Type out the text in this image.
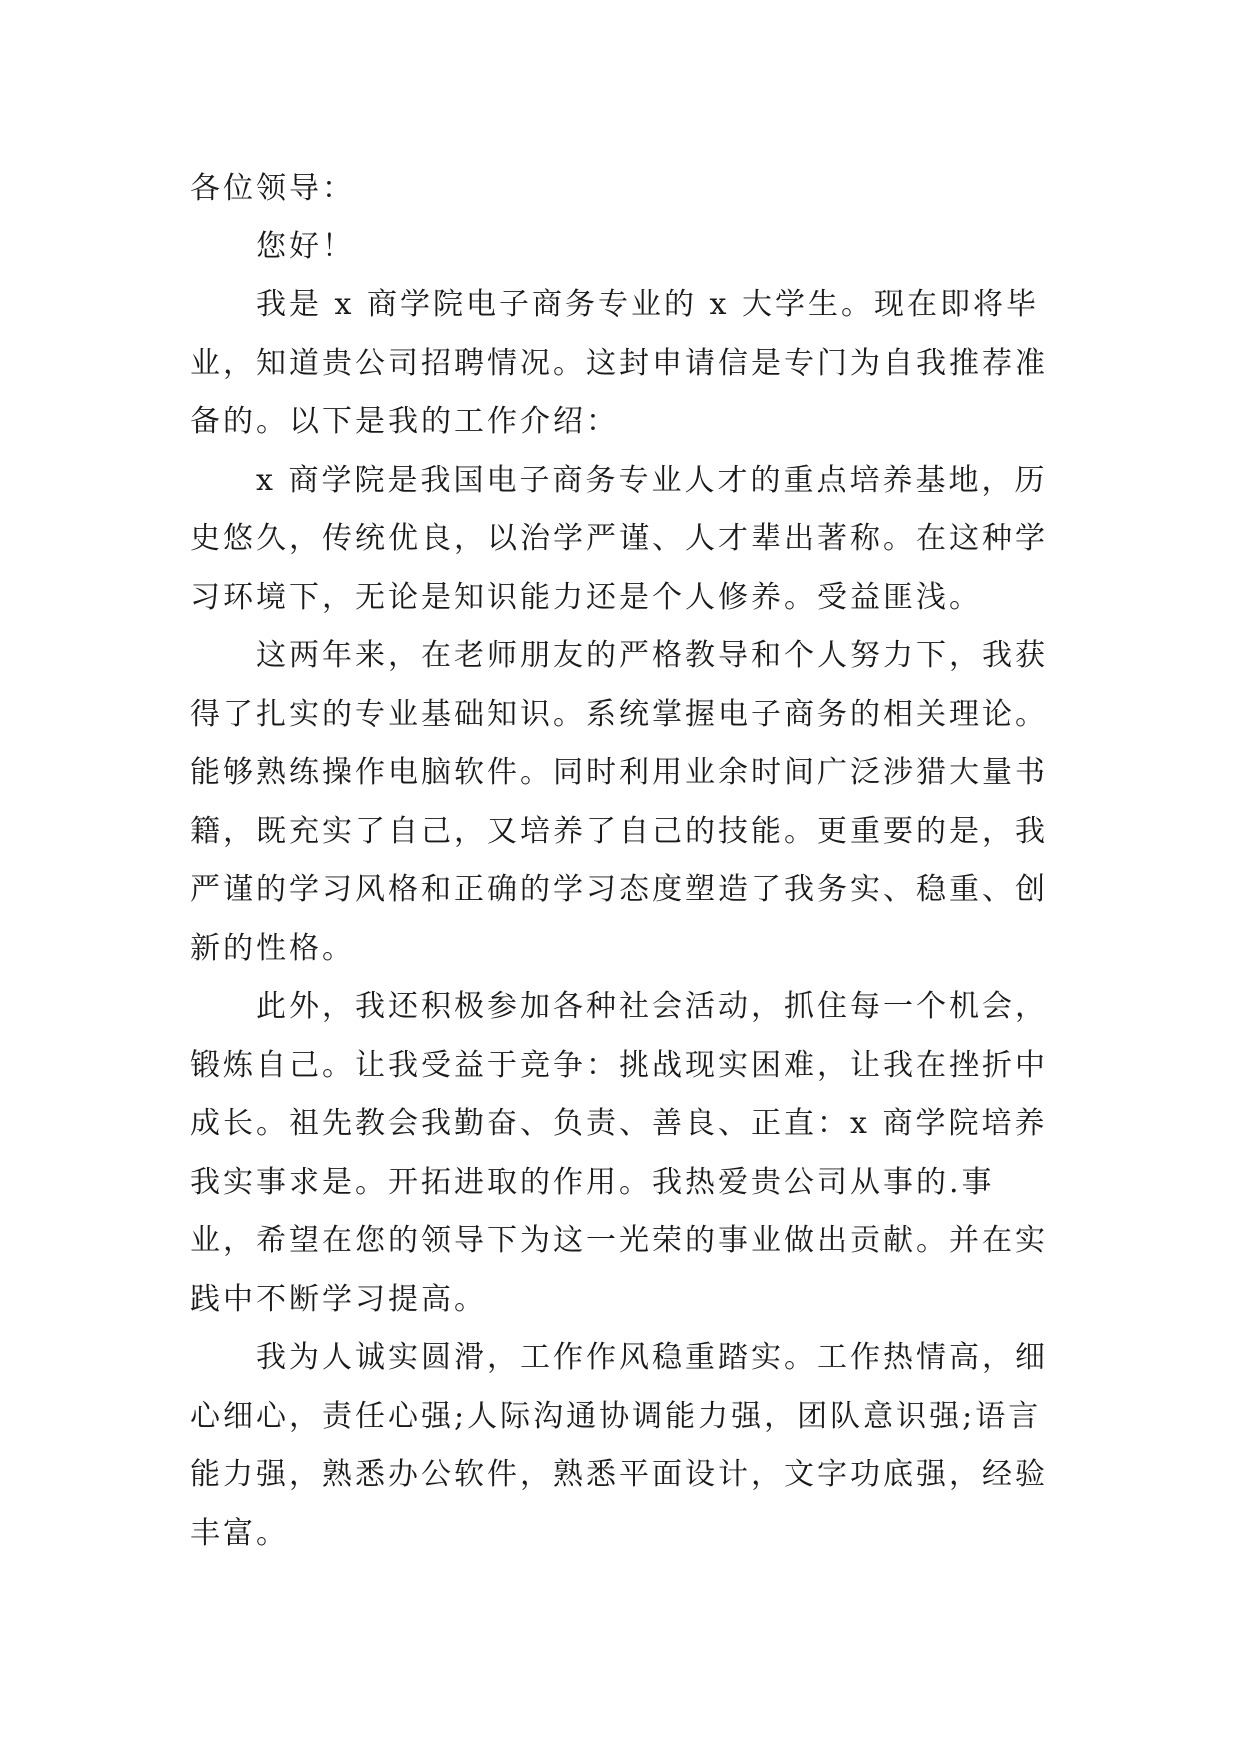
各位领导：

您好！

我是 x 商学院电子商务专业的 x 大学生。现在即将毕业，知道贵公司招聘情况。这封申请信是专门为自我推荐准备的。以下是我的工作介绍：

x 商学院是我国电子商务专业人才的重点培养基地，历史悠久，传统优良，以治学严谨、人才辈出著称。在这种学习环境下，无论是知识能力还是个人修养。受益匪浅。

这两年来，在老师朋友的严格教导和个人努力下，我获得了扎实的专业基础知识。系统掌握电子商务的相关理论。能够熟练操作电脑软件。同时利用业余时间广泛涉猎大量书籍，既充实了自己，又培养了自己的技能。更重要的是，我严谨的学习风格和正确的学习态度塑造了我务实、稳重、创新的性格。

此外，我还积极参加各种社会活动，抓住每一个机会，锻炼自己。让我受益于竞争：挑战现实困难，让我在挫折中成长。祖先教会我勤奋、负责、善良、正直：x 商学院培养我实事求是。开拓进取的作用。我热爱贵公司从事的.事业，希望在您的领导下为这一光荣的事业做出贡献。并在实践中不断学习提高。

我为人诚实圆滑，工作作风稳重踏实。工作热情高，细心细心，责任心强;人际沟通协调能力强，团队意识强;语言能力强，熟悉办公软件，熟悉平面设计，文字功底强，经验丰富。
